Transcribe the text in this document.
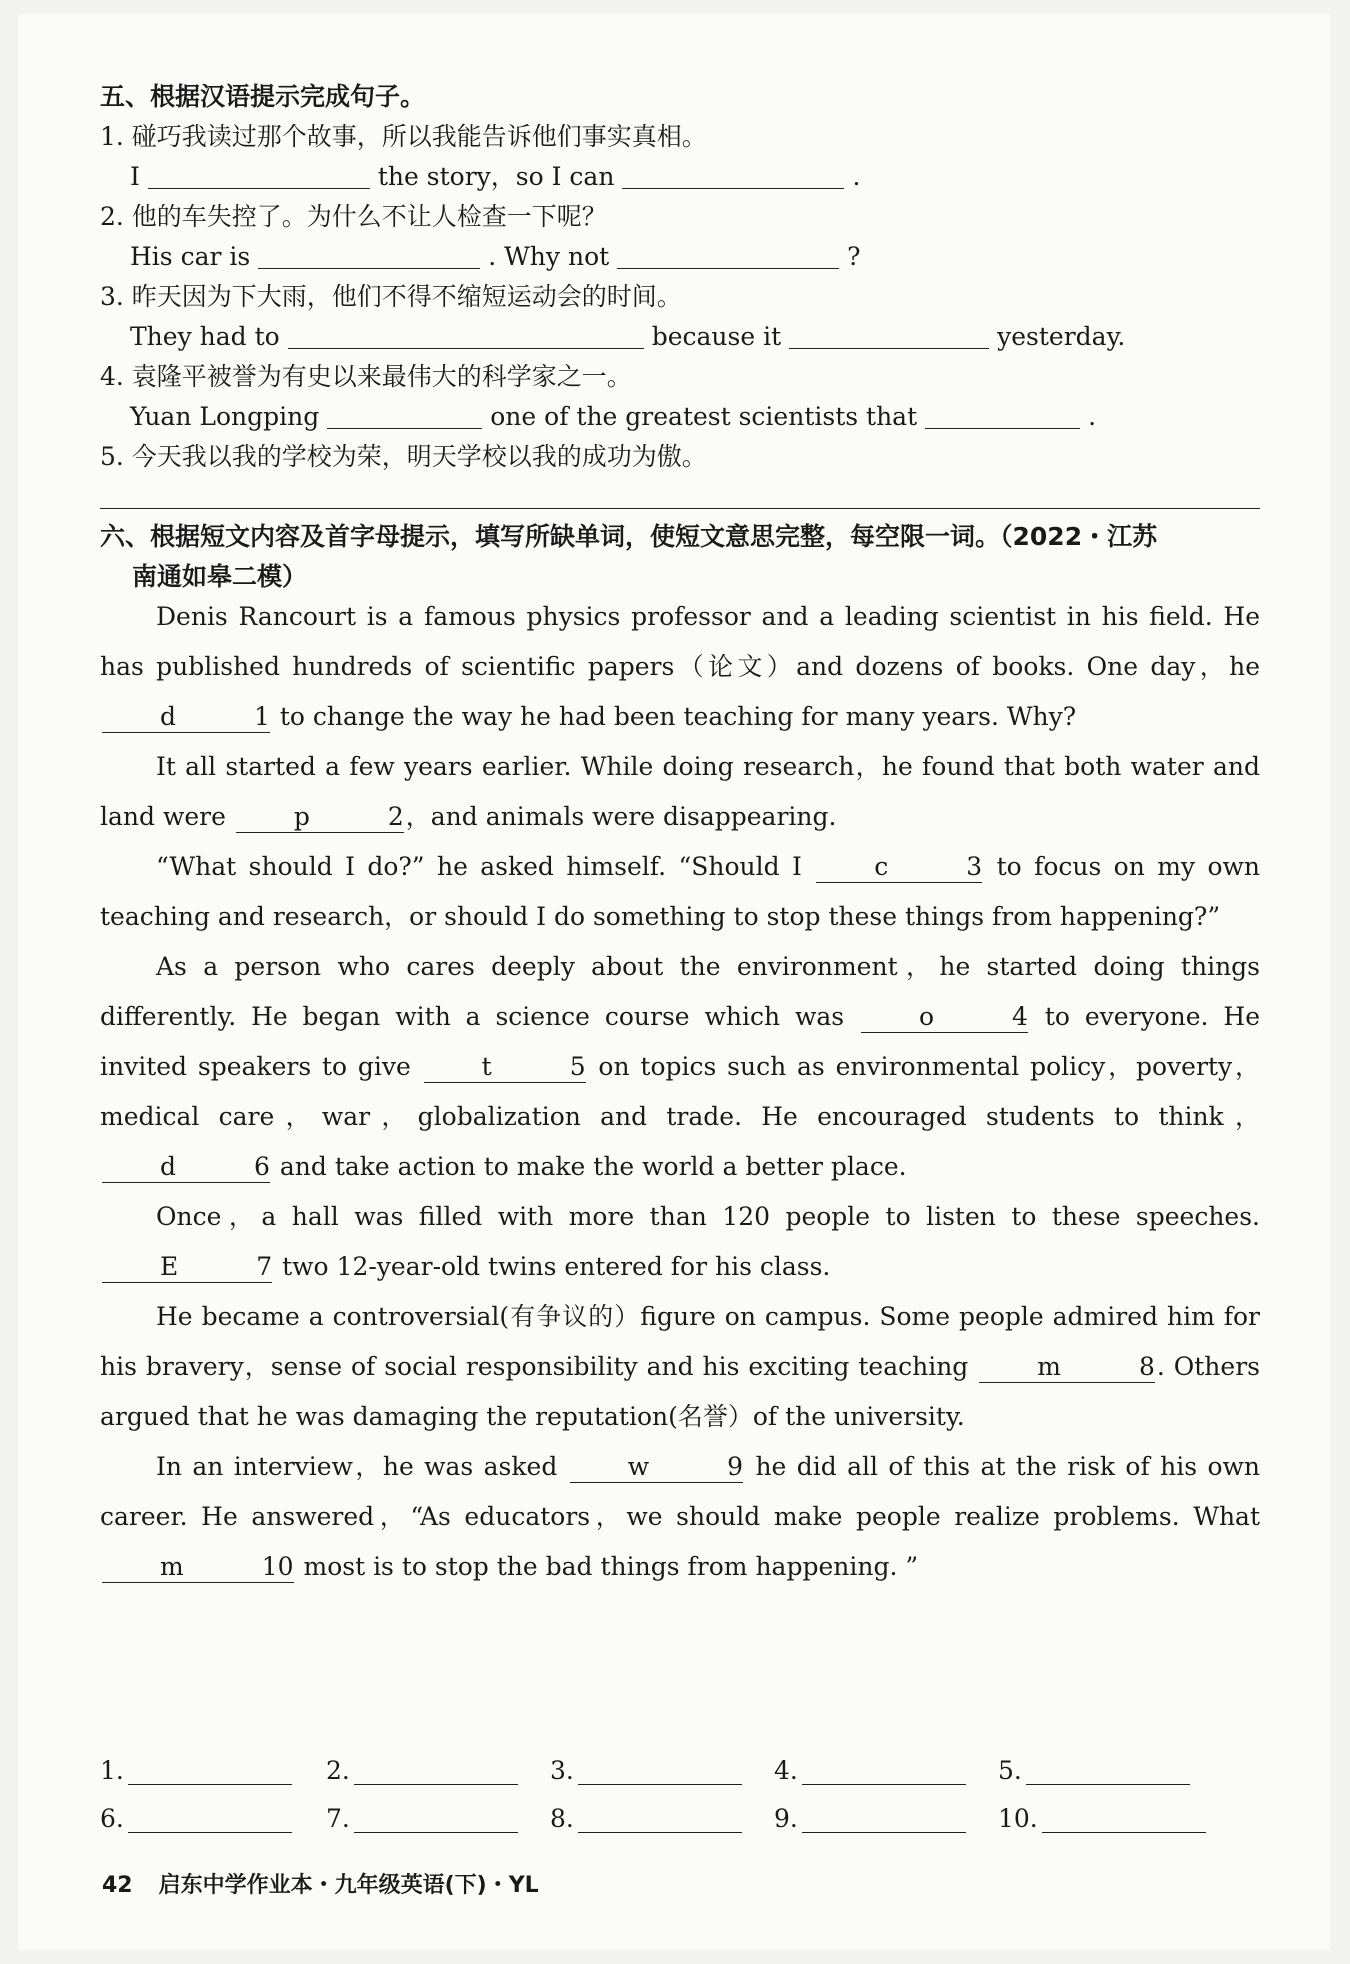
五、根据汉语提示完成句子。
1. 碰巧我读过那个故事，所以我能告诉他们事实真相。
I	the story，so I can	.
2. 他的车失控了。为什么不让人检查一下呢？
His car is	. Why not	?
3. 昨天因为下大雨，他们不得不缩短运动会的时间。
They had to	because it	yesterday.
4. 袁隆平被誉为有史以来最伟大的科学家之一。
Yuan Longping	one of the greatest scientists that	.
5. 今天我以我的学校为荣，明天学校以我的成功为傲。
六、根据短文内容及首字母提示，填写所缺单词，使短文意思完整，每空限一词。（2022・江苏
南通如皋二模）

Denis Rancourt is a famous physics professor and a leading scientist in his field. He has published hundreds of scientific papers（论文）and dozens of books. One day，he d	1 to change the way he had been teaching for many years. Why?

It all started a few years earlier. While doing research，he found that both water and land were	p	2，and animals were disappearing.

“What should I do?” he asked himself. “Should I	c	3 to focus on my own teaching and research，or should I do something to stop these things from happening?”

As a person who cares deeply about the environment，he started doing things differently. He began with a science course which was	o	4 to everyone. He invited speakers to give	t	5 on topics such as environmental policy，poverty，medical care，war，globalization and trade. He encouraged students to think， d	6 and take action to make the world a better place.

Once，a hall was filled with more than 120 people to listen to these speeches. E	7 two 12-year-old twins entered for his class.

He became a controversial(有争议的）figure on campus. Some people admired him for his bravery，sense of social responsibility and his exciting teaching	m	8. Others argued that he was damaging the reputation(名誉）of the university.

In an interview，he was asked	w	9 he did all of this at the risk of his own career. He answered，“As educators，we should make people realize problems. What m	10 most is to stop the bad things from happening. ”

1.	2.	3.	4.	5.
6.	7.	8.	9.	10.
42 启东中学作业本・九年级英语(下)・YL
